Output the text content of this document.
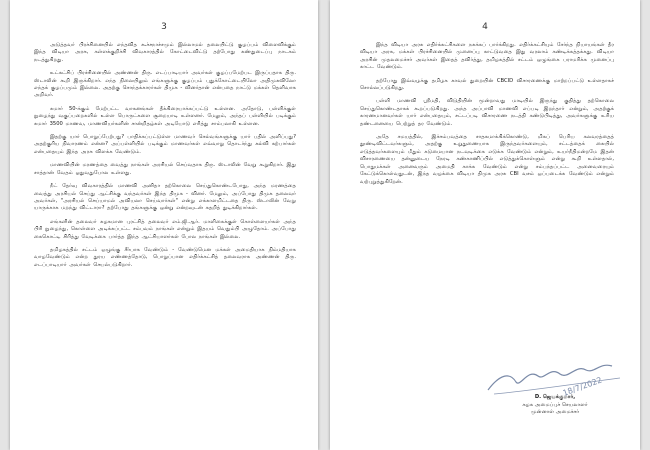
3

அடுத்தவர் பிரச்சினையில் எந்தவித கூச்சநாச்சமும் இல்லாமல் தலையிட்டு குழப்பம் விளைவிக்கும் இந்த விடியா அரசு, கள்ளக்குறிச்சி விவகாரத்தில் கோட்டைவிட்டு தற்போது கண்துடைப்பு நாடகம் நடத்துகிறது.

உட்கட்சிப் பிரச்சினையில் அண்ணன் திரு. எடப்பாடியார் அவர்கள் குழப்பமேற்பட இருப்பதாக திரு. ஸ்டாலின் கூறி இருக்கிறார். எந்த நிலையிலும் எங்களுக்கு குழப்பம் புதுக்கோட்டையிலோ அதிமுகவிலோ எந்தக் குழப்பமும் இல்லை. அதற்கு சொந்தக்காரர்கள் திமுக - வினர்தான் என்பதை நாட்டு மக்கள் தெளிவாக அறிவர்.

சுமார் 50-க்கும் மேற்பட்ட வாகனங்கள் தீக்கிரையாக்கப்பட்டு உள்ளன. அதோடு, பள்ளிக்குள் நுழைந்து வகுப்பறைகளில் உள்ள பொருட்களை சூறையாடி உள்ளனர். மேலும், அந்தப் பள்ளியில் படிக்கும் சுமார் 3500 மாணவ, மாணவியர்களின் சான்றிதழ்கள் அடியோடு எரித்து சாம்பலாகி உள்ளன.

இதற்கு யார் பொறுப்பேற்பது? பாதிக்கப்பட்டுள்ள மாணவர் செல்வங்களுக்கு யார் பதில் அளிப்பது? அதற்குரிய நிவாரணம் என்ன? அப்பள்ளியில் படிக்கும் மாணவர்கள் எவ்வாறு தொடர்ந்து கல்வி கற்பார்கள் என்பதையும் இந்த அரசு விளக்க வேண்டும்.

மாணவியின் மரணத்தை வைத்து நாங்கள் அரசியல் செய்வதாக திரு. ஸ்டாலின் வேறு கூறுகிறார். இது சாத்தான் வேதம் ஓதுவதுபோல உள்ளது.

நீட் தேர்வு விவகாரத்தில் மாணவி அனிதா தற்கொலை செய்துகொண்டபோது, அந்த மரணத்தை வைத்து அரசியல் செய்து ஆட்சிக்கு வந்தவர்கள் இந்த திமுக - வினர். மேலும், அப்போது திமுக தலைவர் அவர்கள், "அரசியல் செய்யாமல் அவியலா செய்வார்கள்" என்று எக்காளமிட்டதை திரு. ஸ்டாலின் வேறு யாருக்காக மறந்து விட்டாரா? தற்போது தங்களுக்கு ஒன்று என்றவுடன் கதறித் துடிக்கிறார்கள்.

எங்களின் தலைவர் கழகமான புரட்சித் தலைவர் எம்.ஜி.ஆர். மாளிகைக்குள் கொள்ளையர்கள் அந்த பிரி நுழைந்து, கொள்ளை அடிக்கப்பட்ட சம்பவம் நாங்கள் என்றும் இதயம் வெதும்பி அழுதோம். அப்போது கைகொட்டி சிரித்து வேடிக்கை பார்த்த இந்த ஆட்சியாளர்கள் போல நாங்கள் இல்லை.

தமிழகத்தில் சட்டம் ஒழுங்கு சீர்பாக வேண்டும் - வேண்டுமென மக்கள் அமைதியாக நிம்மதியாக வாழவேண்டும் என்ற துரய எண்ணத்தோடு, பொறுப்பான எதிர்க்கட்சித் தலைவராக அண்ணன் திரு. எடப்பாடியார் அவர்கள் செயல்படுகிறார்.

4

இந்த விடியா அரசு எதிர்க்கட்சிகளை நசுக்கப் பார்க்கிறது. எதிர்க்கட்சியும் சேர்ந்த நியாயங்கள் தீர விடியா அரசு, மக்கள் பிரச்சினையில் முனைப்பு காட்டுவதை இது வரலாம் கண்டிக்கத்தக்கது. விடியா அரசின் முதலமைச்சர் அவர்கள் இதைத் தவிர்த்து, தமிழகத்தில் சட்டம் ஒழுங்கை பராமரிக்க முனைப்பு காட்ட வேண்டும்.

தற்போது இவ்வழக்கு தமிழக காவல் துறையின் CBCID விசாரணைக்கு மாற்றப்பட்டு உள்ளதாகச் சொல்லப்படுகிறது.

பள்ளி மாணவி ஸ்ரீமதி, விடுதியின் மூன்றாவது மாடியில் இருந்து குதித்து தற்கொலை செய்துகொண்டதாகக் கூறப்படுகிறது. அந்த அப்பாவி மாணவி எப்படி இறந்தார் என்றும், அதற்குக் காரணமானவர்கள் யார் என்பதையும், சட்டப்படி விசாரணை நடத்தி கண்டுபிடித்து, அவர்களுக்கு உரிய தண்டனையை பெற்றுத் தர வேண்டும்.

அதே சமயத்தில், இச்சம்பவத்தை சாதகமாக்கிக்கொண்டு, மிகப் பெரிய கலவரத்தைத் தூண்டிவிட்டவர்களும், அதற்கு உறுதுணையாக இருந்தவர்களையும், சட்டத்தைக் கையில் எடுத்தவர்களையும் மீதும் கடுமையான நடவடிக்கை எடுக்க வேண்டும் என்றும், உயர்நீதிமன்றமே இதன் விசாரணையை தன்னுடைய நேரடி கண்காணிப்பில் எடுத்துக்கொள்ளும் என்று கூறி உள்ளதால், பொதுமக்கள் அனைவரும் அமைதி காக்க வேண்டும் என்று சம்பந்தப்பட்ட அனைவரையும் கேட்டுக்கொள்வதுடன், இந்த வழக்கை விடியா திமுக அரசு CBI வசம் ஒப்படைக்க வேண்டும் என்றும் வற்புறுத்துகிறேன்.

18/7/2022
D. ஜெயக்குமார்,
கழக அமைப்புச் செயலாளர்
முன்னாள் அமைச்சர்
